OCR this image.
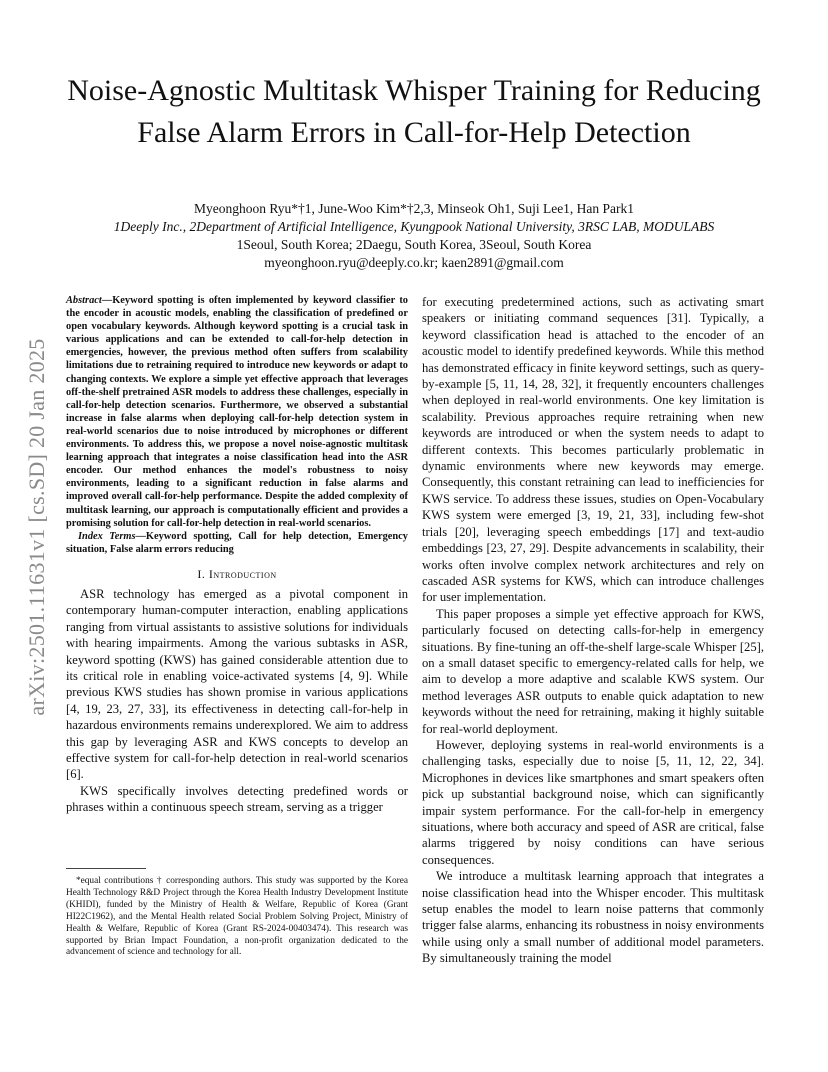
Noise-Agnostic Multitask Whisper Training for Reducing False Alarm Errors in Call-for-Help Detection
Myeonghoon Ryu*†1, June-Woo Kim*†2,3, Minseok Oh1, Suji Lee1, Han Park1
1Deeply Inc., 2Department of Artificial Intelligence, Kyungpook National University, 3RSC LAB, MODULABS
1Seoul, South Korea; 2Daegu, South Korea, 3Seoul, South Korea
myeonghoon.ryu@deeply.co.kr; kaen2891@gmail.com
arXiv:2501.11631v1 [cs.SD] 20 Jan 2025

Abstract—Keyword spotting is often implemented by keyword classifier to the encoder in acoustic models, enabling the classification of predefined or open vocabulary keywords. Although keyword spotting is a crucial task in various applications and can be extended to call-for-help detection in emergencies, however, the previous method often suffers from scalability limitations due to retraining required to introduce new keywords or adapt to changing contexts. We explore a simple yet effective approach that leverages off-the-shelf pretrained ASR models to address these challenges, especially in call-for-help detection scenarios. Furthermore, we observed a substantial increase in false alarms when deploying call-for-help detection system in real-world scenarios due to noise introduced by microphones or different environments. To address this, we propose a novel noise-agnostic multitask learning approach that integrates a noise classification head into the ASR encoder. Our method enhances the model's robustness to noisy environments, leading to a significant reduction in false alarms and improved overall call-for-help performance. Despite the added complexity of multitask learning, our approach is computationally efficient and provides a promising solution for call-for-help detection in real-world scenarios.

Index Terms—Keyword spotting, Call for help detection, Emergency situation, False alarm errors reducing

I. Introduction

ASR technology has emerged as a pivotal component in contemporary human-computer interaction, enabling applications ranging from virtual assistants to assistive solutions for individuals with hearing impairments. Among the various subtasks in ASR, keyword spotting (KWS) has gained considerable attention due to its critical role in enabling voice-activated systems [4, 9]. While previous KWS studies has shown promise in various applications [4, 19, 23, 27, 33], its effectiveness in detecting call-for-help in hazardous environments remains underexplored. We aim to address this gap by leveraging ASR and KWS concepts to develop an effective system for call-for-help detection in real-world scenarios [6].

KWS specifically involves detecting predefined words or phrases within a continuous speech stream, serving as a trigger

*equal contributions † corresponding authors. This study was supported by the Korea Health Technology R&D Project through the Korea Health Industry Development Institute (KHIDI), funded by the Ministry of Health & Welfare, Republic of Korea (Grant HI22C1962), and the Mental Health related Social Problem Solving Project, Ministry of Health & Welfare, Republic of Korea (Grant RS-2024-00403474). This research was supported by Brian Impact Foundation, a non-profit organization dedicated to the advancement of science and technology for all.

for executing predetermined actions, such as activating smart speakers or initiating command sequences [31]. Typically, a keyword classification head is attached to the encoder of an acoustic model to identify predefined keywords. While this method has demonstrated efficacy in finite keyword settings, such as query-by-example [5, 11, 14, 28, 32], it frequently encounters challenges when deployed in real-world environments. One key limitation is scalability. Previous approaches require retraining when new keywords are introduced or when the system needs to adapt to different contexts. This becomes particularly problematic in dynamic environments where new keywords may emerge. Consequently, this constant retraining can lead to inefficiencies for KWS service. To address these issues, studies on Open-Vocabulary KWS system were emerged [3, 19, 21, 33], including few-shot trials [20], leveraging speech embeddings [17] and text-audio embeddings [23, 27, 29]. Despite advancements in scalability, their works often involve complex network architectures and rely on cascaded ASR systems for KWS, which can introduce challenges for user implementation.

This paper proposes a simple yet effective approach for KWS, particularly focused on detecting calls-for-help in emergency situations. By fine-tuning an off-the-shelf large-scale Whisper [25], on a small dataset specific to emergency-related calls for help, we aim to develop a more adaptive and scalable KWS system. Our method leverages ASR outputs to enable quick adaptation to new keywords without the need for retraining, making it highly suitable for real-world deployment.

However, deploying systems in real-world environments is a challenging tasks, especially due to noise [5, 11, 12, 22, 34]. Microphones in devices like smartphones and smart speakers often pick up substantial background noise, which can significantly impair system performance. For the call-for-help in emergency situations, where both accuracy and speed of ASR are critical, false alarms triggered by noisy conditions can have serious consequences.

We introduce a multitask learning approach that integrates a noise classification head into the Whisper encoder. This multitask setup enables the model to learn noise patterns that commonly trigger false alarms, enhancing its robustness in noisy environments while using only a small number of additional model parameters. By simultaneously training the model
